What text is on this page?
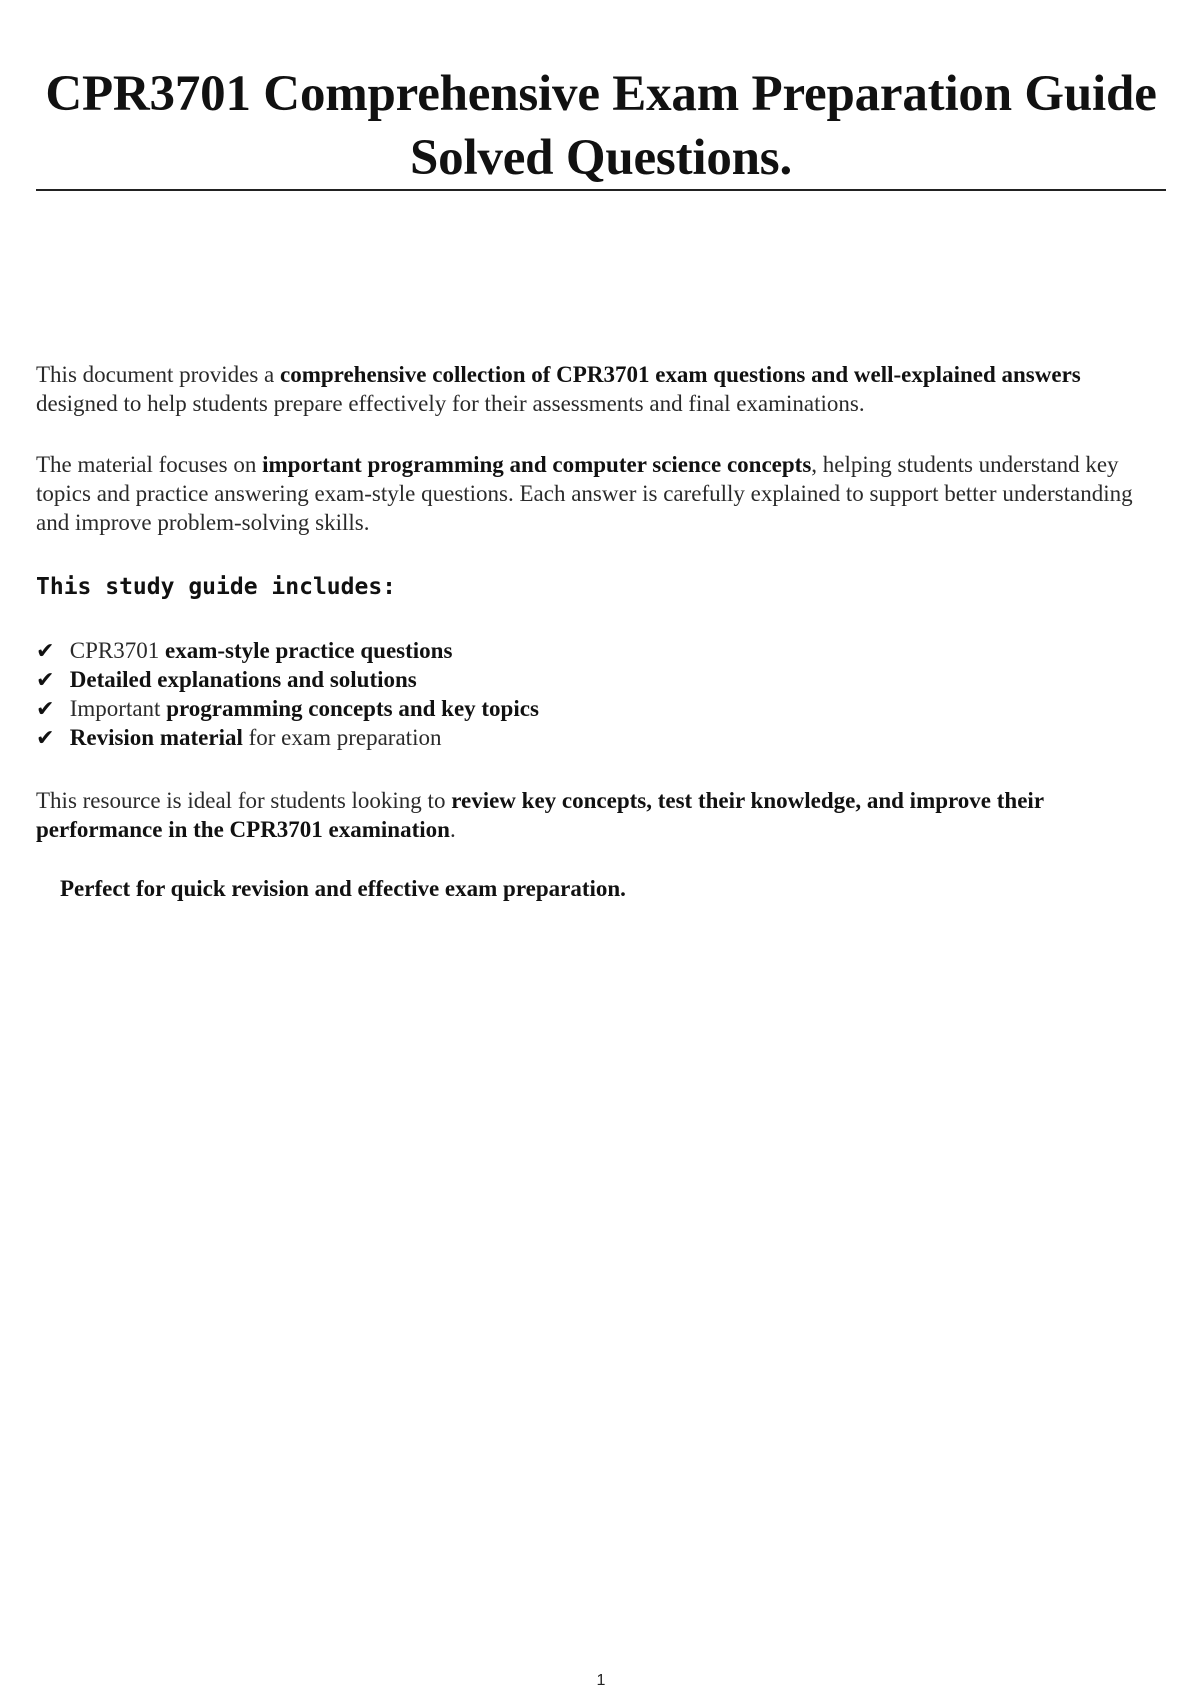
CPR3701 Comprehensive Exam Preparation Guide
Solved Questions.

This document provides a comprehensive collection of CPR3701 exam questions and well-explained answers designed to help students prepare effectively for their assessments and final examinations.

The material focuses on important programming and computer science concepts, helping students understand key topics and practice answering exam-style questions. Each answer is carefully explained to support better understanding and improve problem-solving skills.

This study guide includes:
✔ CPR3701 exam-style practice questions
✔ Detailed explanations and solutions
✔ Important programming concepts and key topics
✔ Revision material for exam preparation

This resource is ideal for students looking to review key concepts, test their knowledge, and improve their performance in the CPR3701 examination.

Perfect for quick revision and effective exam preparation.

1
